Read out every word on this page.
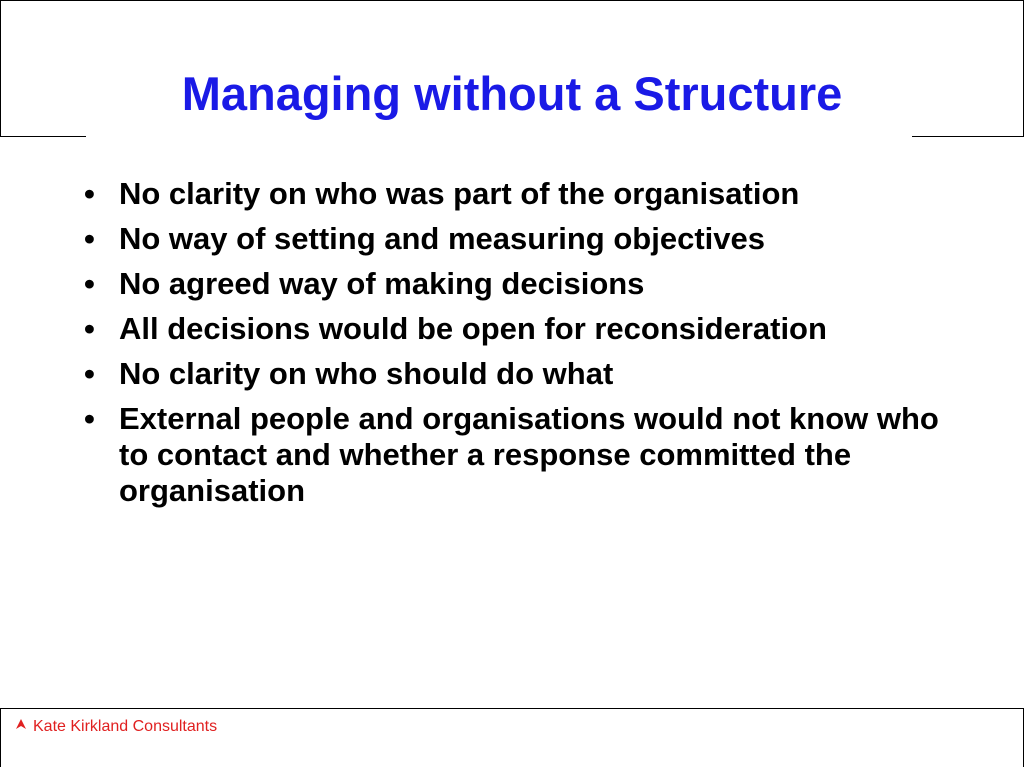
Managing without a Structure
• No clarity on who was part of the organisation
• No way of setting and measuring objectives
• No agreed way of making decisions
• All decisions would be open for reconsideration
• No clarity on who should do what
• External people and organisations would not know who to contact and whether a response committed the organisation
Kate Kirkland Consultants
